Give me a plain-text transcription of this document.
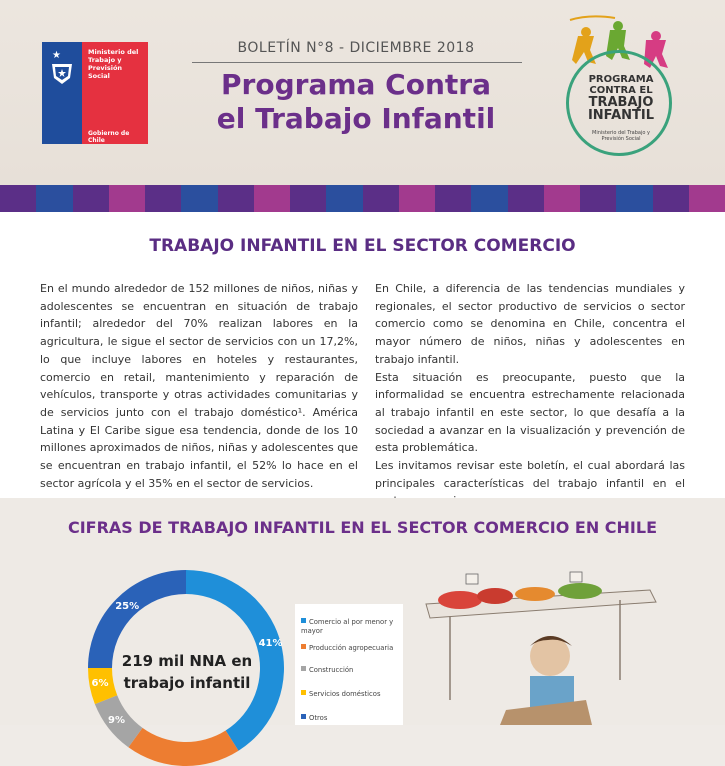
★	Ministerio del
Trabajo y
Previsión
Social
Gobierno de Chile
BOLETÍN N°8 - DICIEMBRE 2018
Programa Contra
el Trabajo Infantil
PROGRAMA
CONTRA EL
TRABAJO
INFANTIL
Ministerio del Trabajo y Previsión Social
TRABAJO INFANTIL EN EL SECTOR COMERCIO

En el mundo alrededor de 152 millones de niños, niñas y adolescentes se encuentran en situación de trabajo infantil; alrededor del 70% realizan labores en la agricultura, le sigue el sector de servicios con un 17,2%, lo que incluye labores en hoteles y restaurantes, comercio en retail, mantenimiento y reparación de vehículos, transporte y otras actividades comunitarias y de servicios junto con el trabajo doméstico¹. América Latina y El Caribe sigue esa tendencia, donde de los 10 millones aproximados de niños, niñas y adolescentes que se encuentran en trabajo infantil, el 52% lo hace en el sector agrícola y el 35% en el sector de servicios.

En Chile, a diferencia de las tendencias mundiales y regionales, el sector productivo de servicios o sector comercio como se denomina en Chile, concentra el mayor número de niños, niñas y adolescentes en trabajo infantil.

Esta situación es preocupante, puesto que la informalidad se encuentra estrechamente relacionada al trabajo infantil en este sector, lo que desafía a la sociedad a avanzar en la visualización y prevención de esta problemática.

Les invitamos revisar este boletín, el cual abordará las principales características del trabajo infantil en el

CIFRAS DE TRABAJO INFANTIL EN EL SECTOR COMERCIO EN CHILE
219 mil NNA en
trabajo infantil
41%
9%
6%
25%
Comercio al por menor y mayor
Producción agropecuaria
Construcción
Servicios domésticos
Otros
